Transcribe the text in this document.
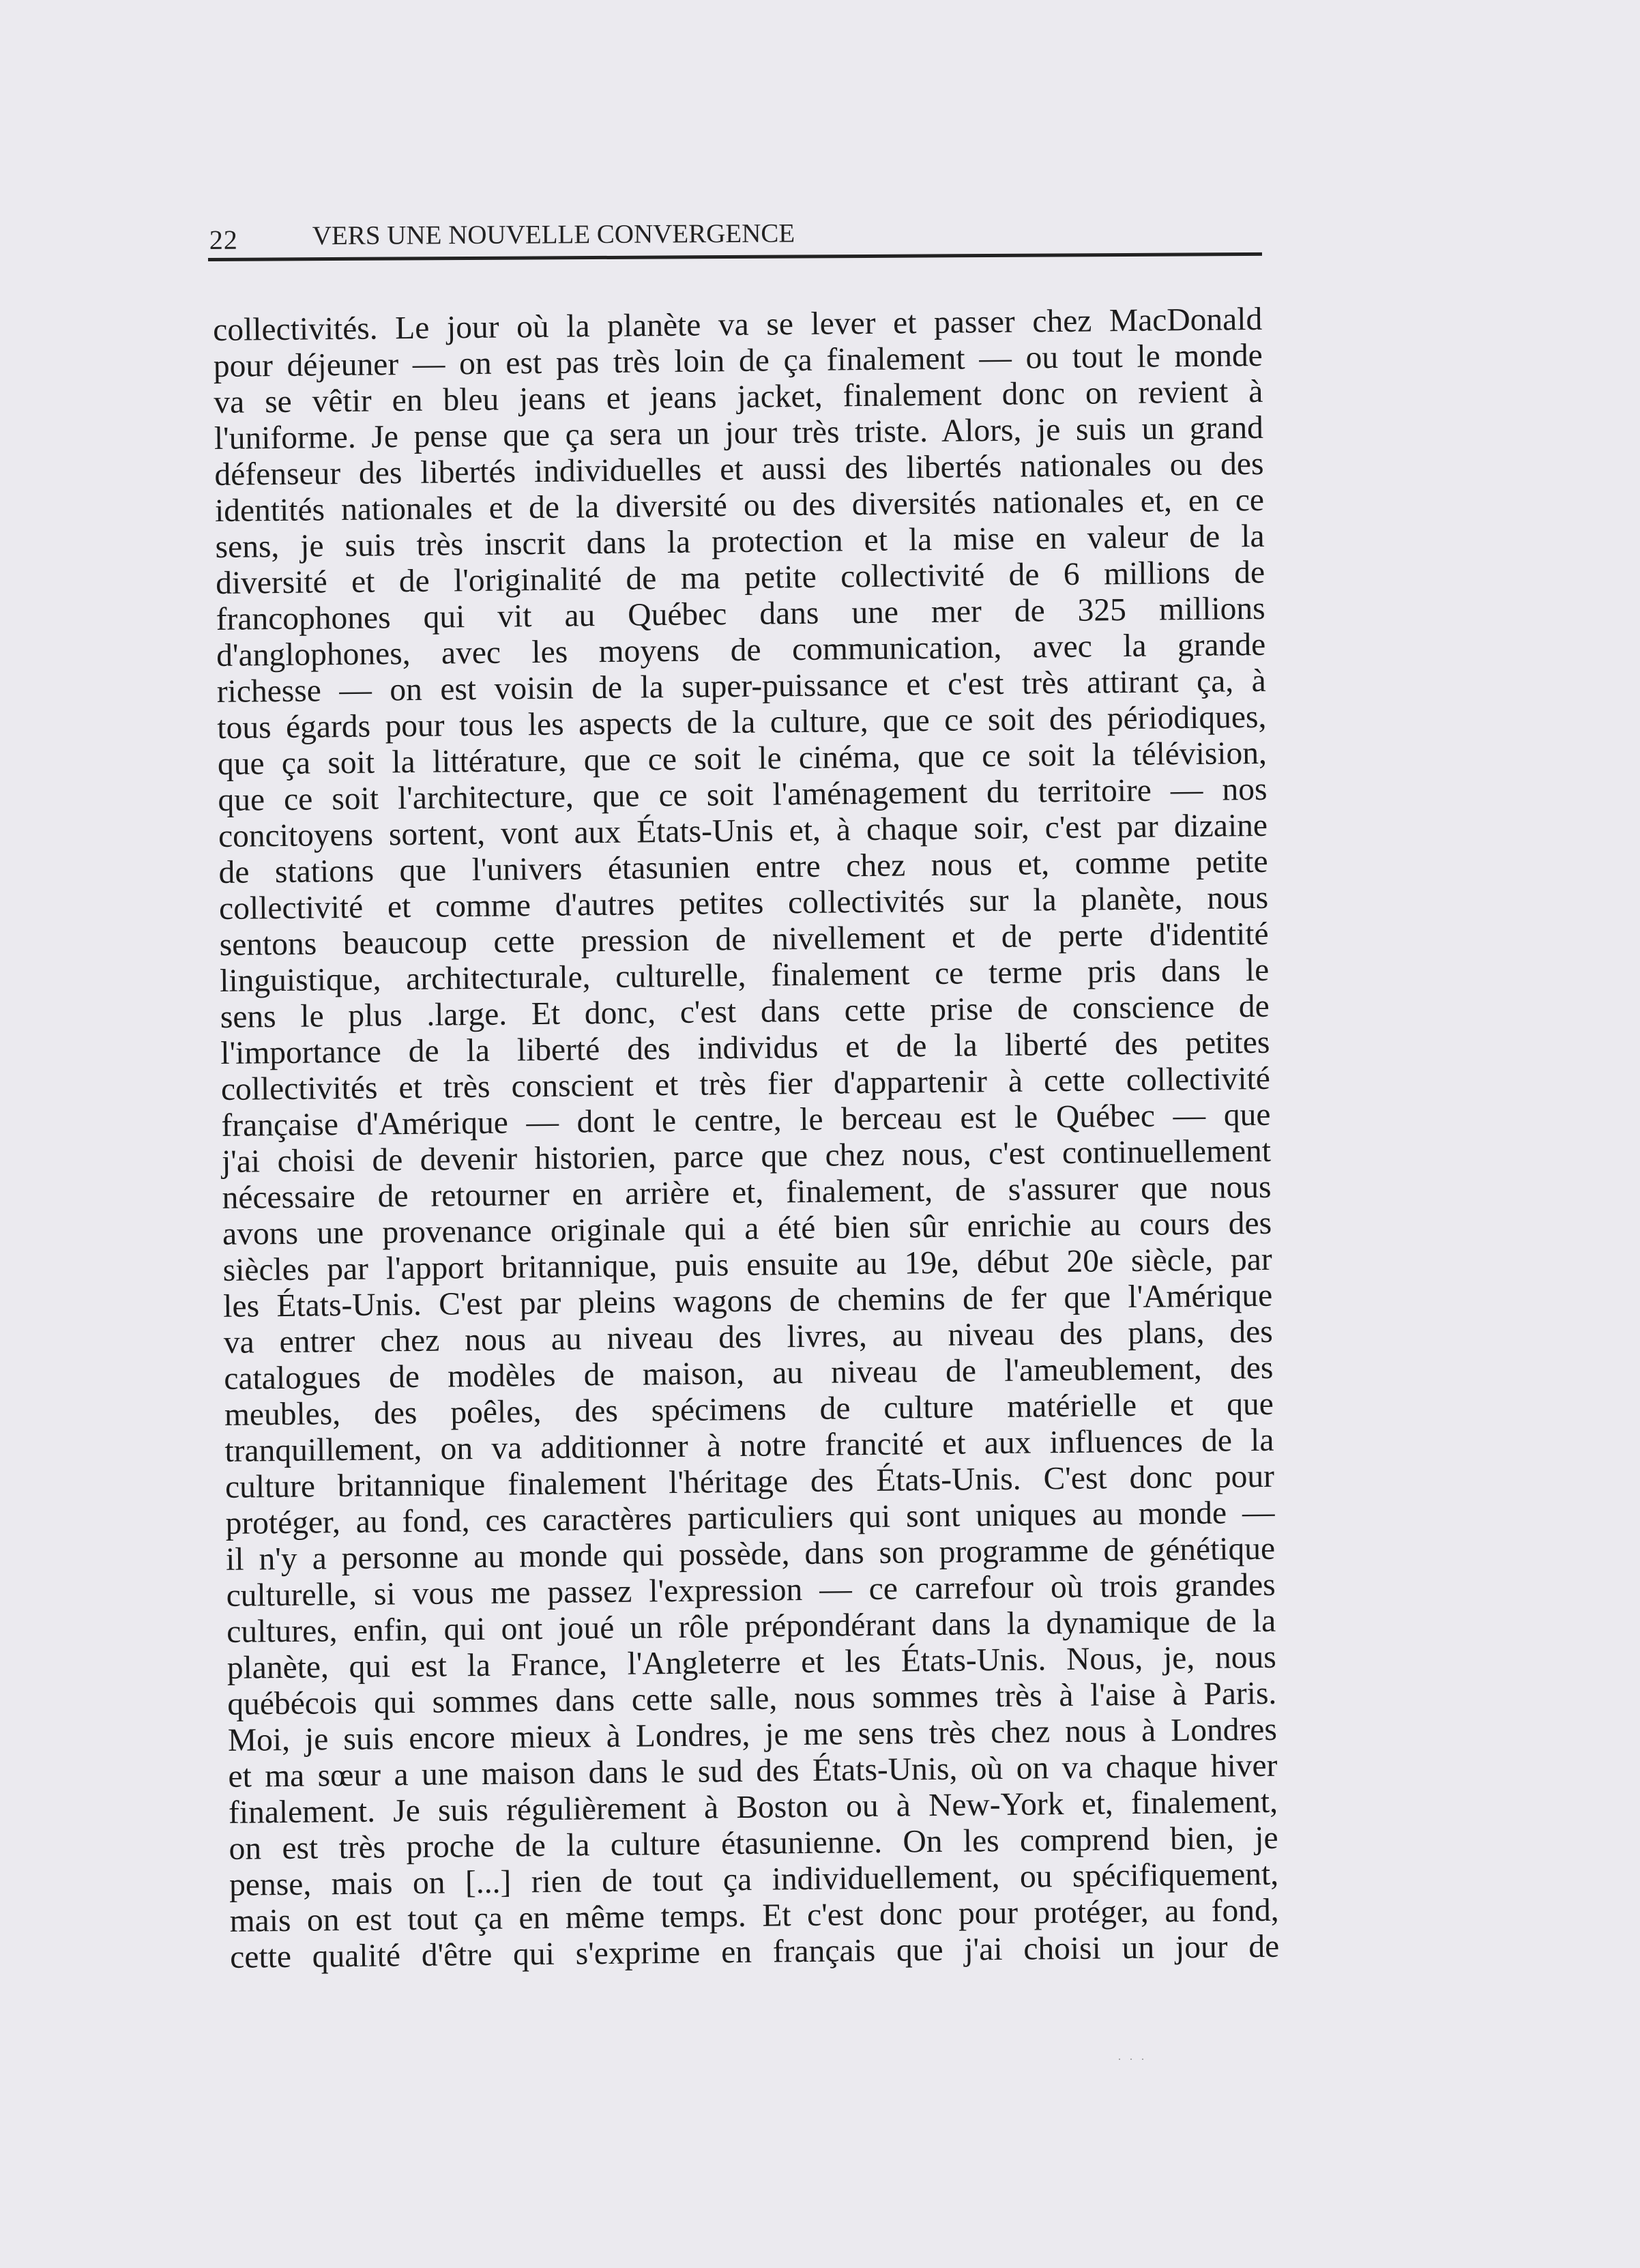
22	VERS UNE NOUVELLE CONVERGENCE
collectivités. Le jour où la planète va se lever et passer chez MacDonald
pour déjeuner — on est pas très loin de ça finalement — ou tout le monde
va se vêtir en bleu jeans et jeans jacket, finalement donc on revient à
l'uniforme. Je pense que ça sera un jour très triste. Alors, je suis un grand
défenseur des libertés individuelles et aussi des libertés nationales ou des
identités nationales et de la diversité ou des diversités nationales et, en ce
sens, je suis très inscrit dans la protection et la mise en valeur de la
diversité et de l'originalité de ma petite collectivité de 6 millions de
francophones qui vit au Québec dans une mer de 325 millions
d'anglophones, avec les moyens de communication, avec la grande
richesse — on est voisin de la super-puissance et c'est très attirant ça, à
tous égards pour tous les aspects de la culture, que ce soit des périodiques,
que ça soit la littérature, que ce soit le cinéma, que ce soit la télévision,
que ce soit l'architecture, que ce soit l'aménagement du territoire — nos
concitoyens sortent, vont aux États-Unis et, à chaque soir, c'est par dizaine
de stations que l'univers étasunien entre chez nous et, comme petite
collectivité et comme d'autres petites collectivités sur la planète, nous
sentons beaucoup cette pression de nivellement et de perte d'identité
linguistique, architecturale, culturelle, finalement ce terme pris dans le
sens le plus .large. Et donc, c'est dans cette prise de conscience de
l'importance de la liberté des individus et de la liberté des petites
collectivités et très conscient et très fier d'appartenir à cette collectivité
française d'Amérique — dont le centre, le berceau est le Québec — que
j'ai choisi de devenir historien, parce que chez nous, c'est continuellement
nécessaire de retourner en arrière et, finalement, de s'assurer que nous
avons une provenance originale qui a été bien sûr enrichie au cours des
siècles par l'apport britannique, puis ensuite au 19e, début 20e siècle, par
les États-Unis. C'est par pleins wagons de chemins de fer que l'Amérique
va entrer chez nous au niveau des livres, au niveau des plans, des
catalogues de modèles de maison, au niveau de l'ameublement, des
meubles, des poêles, des spécimens de culture matérielle et que
tranquillement, on va additionner à notre francité et aux influences de la
culture britannique finalement l'héritage des États-Unis. C'est donc pour
protéger, au fond, ces caractères particuliers qui sont uniques au monde —
il n'y a personne au monde qui possède, dans son programme de génétique
culturelle, si vous me passez l'expression — ce carrefour où trois grandes
cultures, enfin, qui ont joué un rôle prépondérant dans la dynamique de la
planète, qui est la France, l'Angleterre et les États-Unis. Nous, je, nous
québécois qui sommes dans cette salle, nous sommes très à l'aise à Paris.
Moi, je suis encore mieux à Londres, je me sens très chez nous à Londres
et ma sœur a une maison dans le sud des États-Unis, où on va chaque hiver
finalement. Je suis régulièrement à Boston ou à New-York et, finalement,
on est très proche de la culture étasunienne. On les comprend bien, je
pense, mais on [...] rien de tout ça individuellement, ou spécifiquement,
mais on est tout ça en même temps. Et c'est donc pour protéger, au fond,
cette qualité d'être qui s'exprime en français que j'ai choisi un jour de
· · ·
